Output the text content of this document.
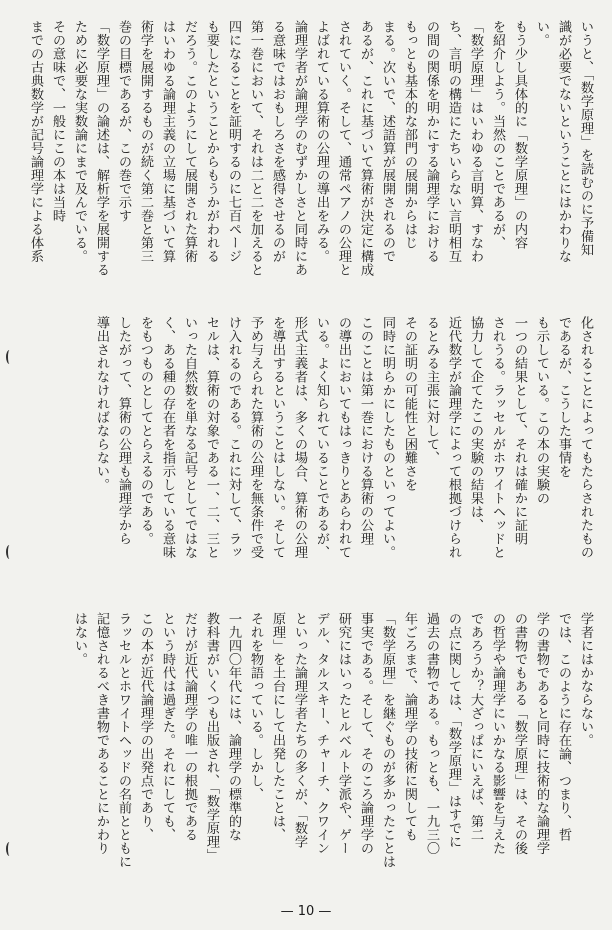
いうと、「数学原理」を読むのに予備知
識が必要でないということにはかわりな
い。
もう少し具体的に「数学原理」の内容
を紹介しよう。当然のことであるが、
「数学原理」はいわゆる言明算、すなわ
ち、言明の構造にたちいらない言明相互
の間の関係を明かにする論理学における
もっとも基本的な部門の展開からはじ
まる。次いで、述語算が展開されるので
あるが、これに基づいて算術が決定に構成
されていく。そして、通常ペアノの公理と
よばれている算術の公理の導出をみる。
論理学者が論理学のむずかしさと同時にあ
る意味ではおもしろさを感得させるのが
第一巻において、それは二と二を加えると
四になることを証明するのに七百ページ
も要したということからもうかがわれる
だろう。このようにして展開された算術
はいわゆる論理主義の立場に基づいて算
術学を展開するものが続く第二巻と第三
巻の目標であるが、この巻で示す
「数学原理」の論述は、解析学を展開する
ために必要な実数論にまで及んでいる。
その意味で、一般にこの本は当時
までの古典数学が記号論理学による体系
化されることによってもたらされたもの
であるが、こうした事情を
も示している。この本の実験の
一つの結果として、それは確かに証明
されうる。ラッセルがホワイトヘッドと
協力して企てたこの実験の結果は、
近代数学が論理学によって根拠づけられ
るとみる主張に対して、
その証明の可能性と困難さを
同時に明らかにしたものといってよい。
このことは第一巻における算術の公理
の導出においてもはっきりとあらわれて
いる。よく知られていることであるが、
形式主義者は、多くの場合、算術の公理
を導出するということはしない。そして
予め与えられた算術の公理を無条件で受
け入れるのである。これに対して、ラッ
セルは、算術の対象である一、二、三と
いった自然数を単なる記号としてではな
く、ある種の存在者を指示している意味
をもつものとしてとらえるのである。
したがって、算術の公理も論理学から
導出されなければならない。
学者にはかならない。
では、このように存在論、つまり、哲
学の書物であると同時に技術的な論理学
の書物でもある「数学原理」は、その後
の哲学や論理学にいかなる影響を与えた
であろうか？大ざっぱにいえば、第二
の点に関しては、「数学原理」はすでに
過去の書物である。もっとも、一九三〇
年ごろまで、論理学の技術に関しても
「数学原理」を継ぐものが多かったことは
事実である。そして、そのころ論理学の
研究にはいったヒルベルト学派や、ゲー
デル、タルスキー、チャーチ、クワイン
といった論理学者たちの多くが、「数学
原理」を土台にして出発したことは、
それを物語っている。しかし、
一九四〇年代には、論理学の標準的な
教科書がいくつも出版され、「数学原理」
だけが近代論理学の唯一の根拠である
という時代は過ぎた。それにしても、
この本が近代論理学の出発点であり、
ラッセルとホワイトヘッドの名前とともに
記憶されるべき書物であることにかわり
はない。
— 10 —
